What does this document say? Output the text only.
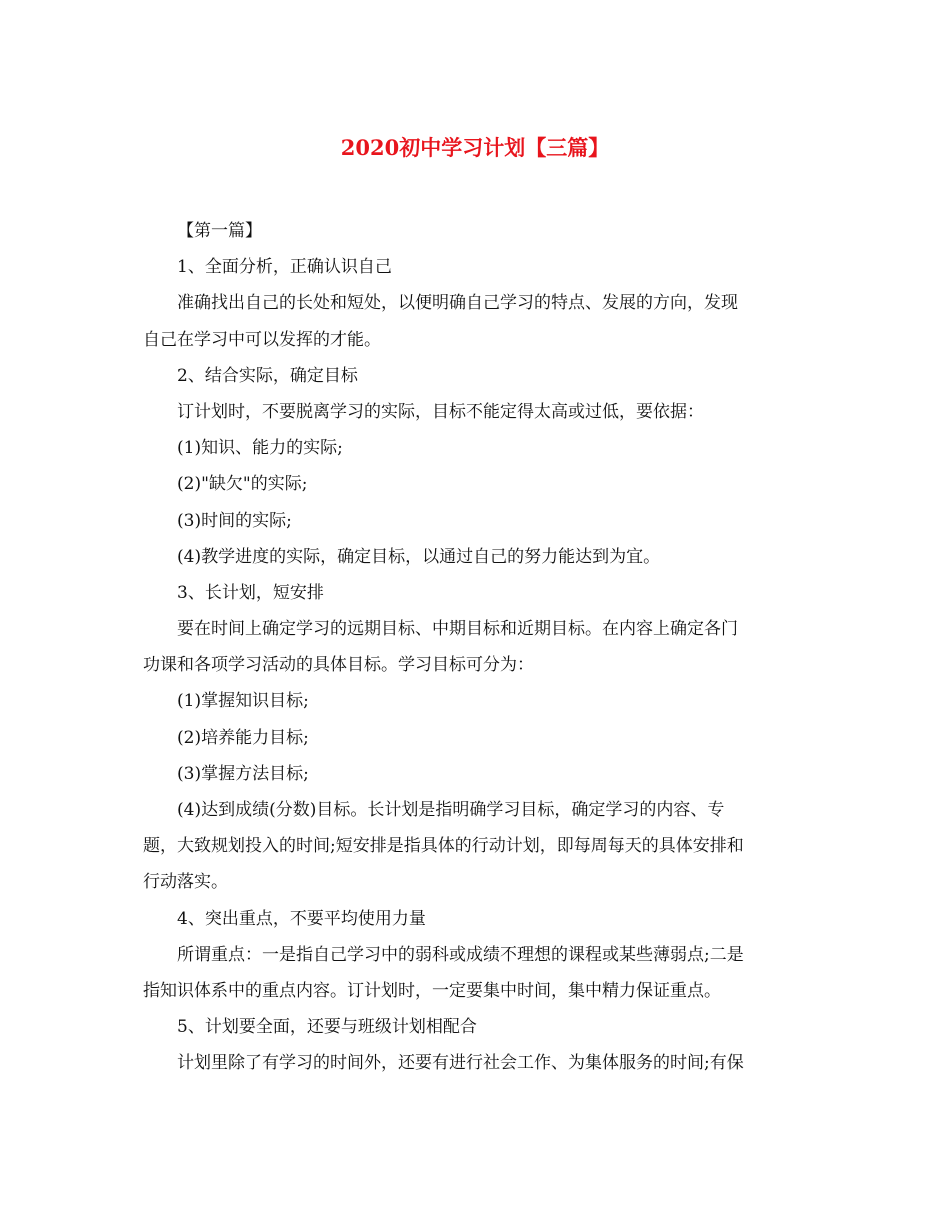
2020初中学习计划【三篇】

【第一篇】

1、全面分析，正确认识自己

准确找出自己的长处和短处，以便明确自己学习的特点、发展的方向，发现

自己在学习中可以发挥的才能。

2、结合实际，确定目标

订计划时，不要脱离学习的实际，目标不能定得太高或过低，要依据：

(1)知识、能力的实际;

(2)"缺欠"的实际;

(3)时间的实际;

(4)教学进度的实际，确定目标，以通过自己的努力能达到为宜。

3、长计划，短安排

要在时间上确定学习的远期目标、中期目标和近期目标。在内容上确定各门

功课和各项学习活动的具体目标。学习目标可分为：

(1)掌握知识目标;

(2)培养能力目标;

(3)掌握方法目标;

(4)达到成绩(分数)目标。长计划是指明确学习目标，确定学习的内容、专

题，大致规划投入的时间;短安排是指具体的行动计划，即每周每天的具体安排和

行动落实。

4、突出重点，不要平均使用力量

所谓重点：一是指自己学习中的弱科或成绩不理想的课程或某些薄弱点;二是

指知识体系中的重点内容。订计划时，一定要集中时间，集中精力保证重点。

5、计划要全面，还要与班级计划相配合

计划里除了有学习的时间外，还要有进行社会工作、为集体服务的时间;有保
